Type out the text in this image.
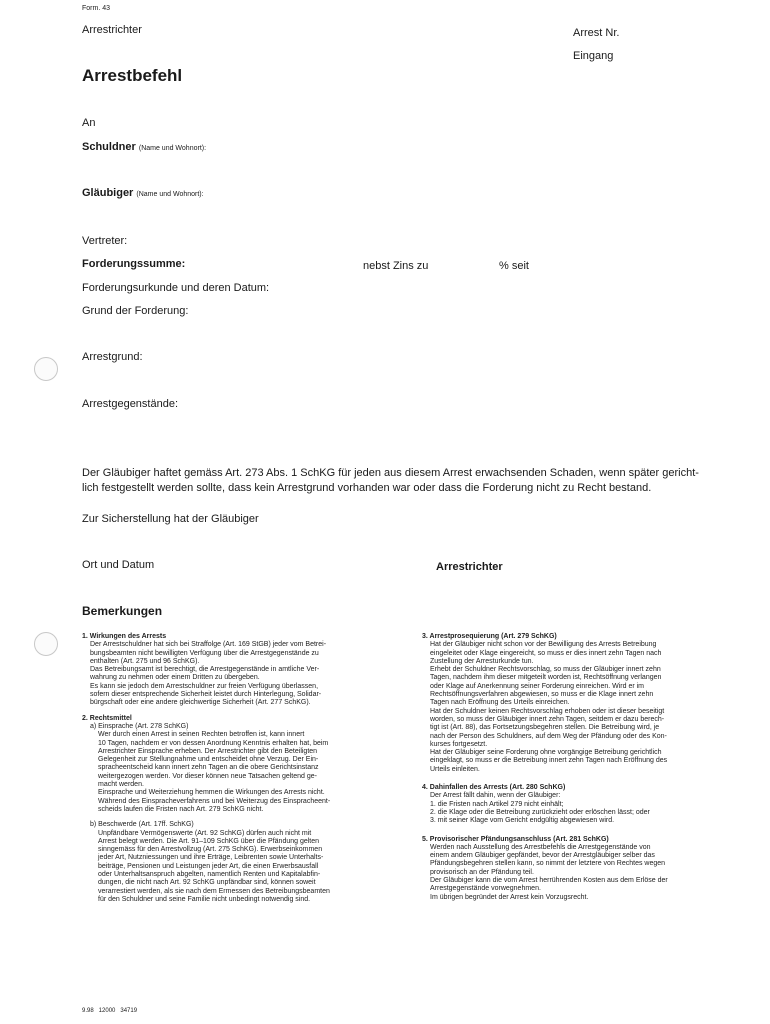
Form. 43
Arrestrichter	Arrest Nr.
Eingang
Arrestbefehl
An
Schuldner (Name und Wohnort):
Gläubiger (Name und Wohnort):
Vertreter:
Forderungssumme:	nebst Zins zu	% seit
Forderungsurkunde und deren Datum:
Grund der Forderung:
Arrestgrund:
Arrestgegenstände:
Der Gläubiger haftet gemäss Art. 273 Abs. 1 SchKG für jeden aus diesem Arrest erwachsenden Schaden, wenn später gericht-
lich festgestellt werden sollte, dass kein Arrestgrund vorhanden war oder dass die Forderung nicht zu Recht bestand.
Zur Sicherstellung hat der Gläubiger
Ort und Datum	Arrestrichter
Bemerkungen
1. Wirkungen des Arrests
Der Arrestschuldner hat sich bei Straffolge (Art. 169 StGB) jeder vom Betrei-
bungsbeamten nicht bewilligten Verfügung über die Arrestgegenstände zu
enthalten (Art. 275 und 96 SchKG).
Das Betreibungsamt ist berechtigt, die Arrestgegenstände in amtliche Ver-
wahrung zu nehmen oder einem Dritten zu übergeben.
Es kann sie jedoch dem Arrestschuldner zur freien Verfügung überlassen,
sofern dieser entsprechende Sicherheit leistet durch Hinterlegung, Solidar-
bürgschaft oder eine andere gleichwertige Sicherheit (Art. 277 SchKG).
2. Rechtsmittel
a) Einsprache (Art. 278 SchKG)
Wer durch einen Arrest in seinen Rechten betroffen ist, kann innert
10 Tagen, nachdem er von dessen Anordnung Kenntnis erhalten hat, beim
Arrestrichter Einsprache erheben. Der Arrestrichter gibt den Beteiligten
Gelegenheit zur Stellungnahme und entscheidet ohne Verzug. Der Ein-
spracheentscheid kann innert zehn Tagen an die obere Gerichtsinstanz
weitergezogen werden. Vor dieser können neue Tatsachen geltend ge-
macht werden.
Einsprache und Weiterziehung hemmen die Wirkungen des Arrests nicht.
Während des Einspracheverfahrens und bei Weiterzug des Einspracheent-
scheids laufen die Fristen nach Art. 279 SchKG nicht.
b) Beschwerde (Art. 17ff. SchKG)
Unpfändbare Vermögenswerte (Art. 92 SchKG) dürfen auch nicht mit
Arrest belegt werden. Die Art. 91–109 SchKG über die Pfändung gelten
sinngemäss für den Arrestvollzug (Art. 275 SchKG). Erwerbseinkommen
jeder Art, Nutzniessungen und ihre Erträge, Leibrenten sowie Unterhalts-
beiträge, Pensionen und Leistungen jeder Art, die einen Erwerbsausfall
oder Unterhaltsanspruch abgelten, namentlich Renten und Kapitalabfin-
dungen, die nicht nach Art. 92 SchKG unpfändbar sind, können soweit
verarrestiert werden, als sie nach dem Ermessen des Betreibungsbeamten
für den Schuldner und seine Familie nicht unbedingt notwendig sind.
3. Arrestprosequierung (Art. 279 SchKG)
Hat der Gläubiger nicht schon vor der Bewilligung des Arrests Betreibung
eingeleitet oder Klage eingereicht, so muss er dies innert zehn Tagen nach
Zustellung der Arresturkunde tun.
Erhebt der Schuldner Rechtsvorschlag, so muss der Gläubiger innert zehn
Tagen, nachdem ihm dieser mitgeteilt worden ist, Rechtsöffnung verlangen
oder Klage auf Anerkennung seiner Forderung einreichen. Wird er im
Rechtsöffnungsverfahren abgewiesen, so muss er die Klage innert zehn
Tagen nach Eröffnung des Urteils einreichen.
Hat der Schuldner keinen Rechtsvorschlag erhoben oder ist dieser beseitigt
worden, so muss der Gläubiger innert zehn Tagen, seitdem er dazu berech-
tigt ist (Art. 88), das Fortsetzungsbegehren stellen. Die Betreibung wird, je
nach der Person des Schuldners, auf dem Weg der Pfändung oder des Kon-
kurses fortgesetzt.
Hat der Gläubiger seine Forderung ohne vorgängige Betreibung gerichtlich
eingeklagt, so muss er die Betreibung innert zehn Tagen nach Eröffnung des
Urteils einleiten.
4. Dahinfallen des Arrests (Art. 280 SchKG)
Der Arrest fällt dahin, wenn der Gläubiger:
1. die Fristen nach Artikel 279 nicht einhält;
2. die Klage oder die Betreibung zurückzieht oder erlöschen lässt; oder
3. mit seiner Klage vom Gericht endgültig abgewiesen wird.
5. Provisorischer Pfändungsanschluss (Art. 281 SchKG)
Werden nach Ausstellung des Arrestbefehls die Arrestgegenstände von
einem andern Gläubiger gepfändet, bevor der Arrestgläubiger selber das
Pfändungsbegehren stellen kann, so nimmt der letztere von Rechtes wegen
provisorisch an der Pfändung teil.
Der Gläubiger kann die vom Arrest herrührenden Kosten aus dem Erlöse der
Arrestgegenstände vorwegnehmen.
Im übrigen begründet der Arrest kein Vorzugsrecht.
9.98   12000   34719
